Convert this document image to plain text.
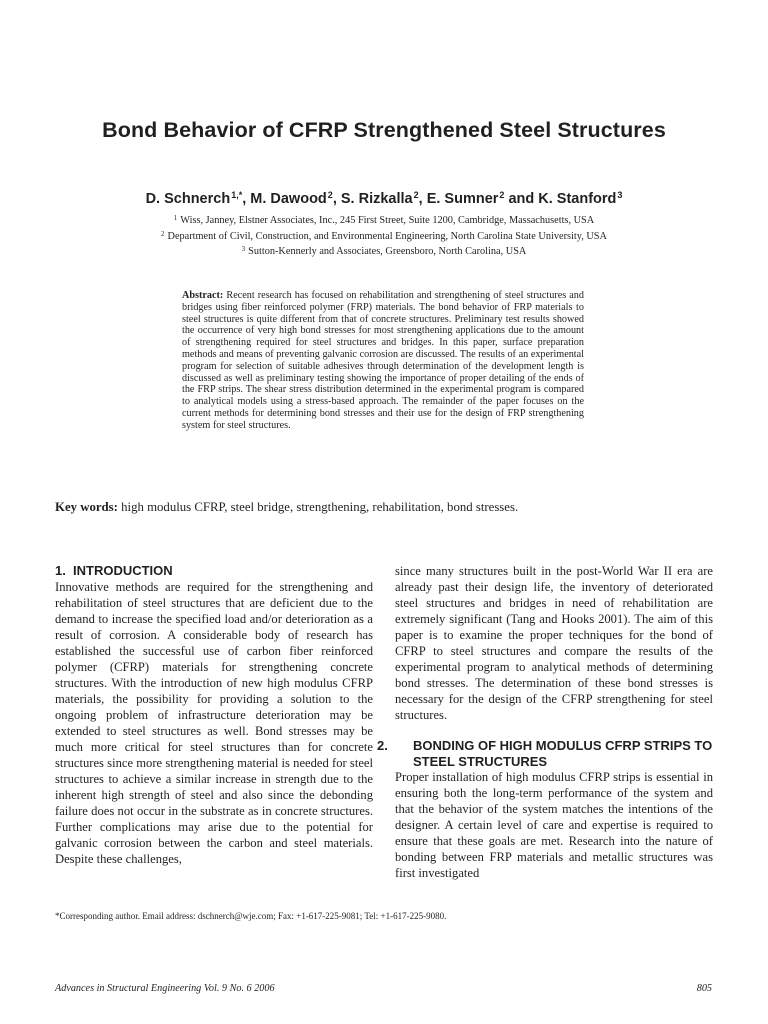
Bond Behavior of CFRP Strengthened Steel Structures
D. Schnerch$^{1,*}$, M. Dawood$^2$, S. Rizkalla$^2$, E. Sumner$^2$ and K. Stanford$^3$
$^1$ Wiss, Janney, Elstner Associates, Inc., 245 First Street, Suite 1200, Cambridge, Massachusetts, USA
$^2$ Department of Civil, Construction, and Environmental Engineering, North Carolina State University, USA
$^3$ Sutton-Kennerly and Associates, Greensboro, North Carolina, USA
Abstract: Recent research has focused on rehabilitation and strengthening of steel structures and bridges using fiber reinforced polymer (FRP) materials. The bond behavior of FRP materials to steel structures is quite different from that of concrete structures. Preliminary test results showed the occurrence of very high bond stresses for most strengthening applications due to the amount of strengthening required for steel structures and bridges. In this paper, surface preparation methods and means of preventing galvanic corrosion are discussed. The results of an experimental program for selection of suitable adhesives through determination of the development length is discussed as well as preliminary testing showing the importance of proper detailing of the ends of the FRP strips. The shear stress distribution determined in the experimental program is compared to analytical models using a stress-based approach. The remainder of the paper focuses on the current methods for determining bond stresses and their use for the design of FRP strengthening system for steel structures.
Key words: high modulus CFRP, steel bridge, strengthening, rehabilitation, bond stresses.
1. INTRODUCTION

Innovative methods are required for the strengthening and rehabilitation of steel structures that are deficient due to the demand to increase the specified load and/or deterioration as a result of corrosion. A considerable body of research has established the successful use of carbon fiber reinforced polymer (CFRP) materials for strengthening concrete structures. With the introduction of new high modulus CFRP materials, the possibility for providing a solution to the ongoing problem of infrastructure deterioration may be extended to steel structures as well. Bond stresses may be much more critical for steel structures than for concrete structures since more strengthening material is needed for steel structures to achieve a similar increase in strength due to the inherent high strength of steel and also since the debonding failure does not occur in the substrate as in concrete structures. Further complications may arise due to the potential for galvanic corrosion between the carbon and steel materials. Despite these challenges,

since many structures built in the post-World War II era are already past their design life, the inventory of deteriorated steel structures and bridges in need of rehabilitation are extremely significant (Tang and Hooks 2001). The aim of this paper is to examine the proper techniques for the bond of CFRP to steel structures and compare the results of the experimental program to analytical methods of determining bond stresses. The determination of these bond stresses is necessary for the design of the CFRP strengthening for steel structures.

2. BONDING OF HIGH MODULUS CFRP STRIPS TO STEEL STRUCTURES

Proper installation of high modulus CFRP strips is essential in ensuring both the long-term performance of the system and that the behavior of the system matches the intentions of the designer. A certain level of care and expertise is required to ensure that these goals are met. Research into the nature of bonding between FRP materials and metallic structures was first investigated

*Corresponding author. Email address: dschnerch@wje.com; Fax: +1-617-225-9081; Tel: +1-617-225-9080.
Advances in Structural Engineering Vol. 9 No. 6 2006	805
